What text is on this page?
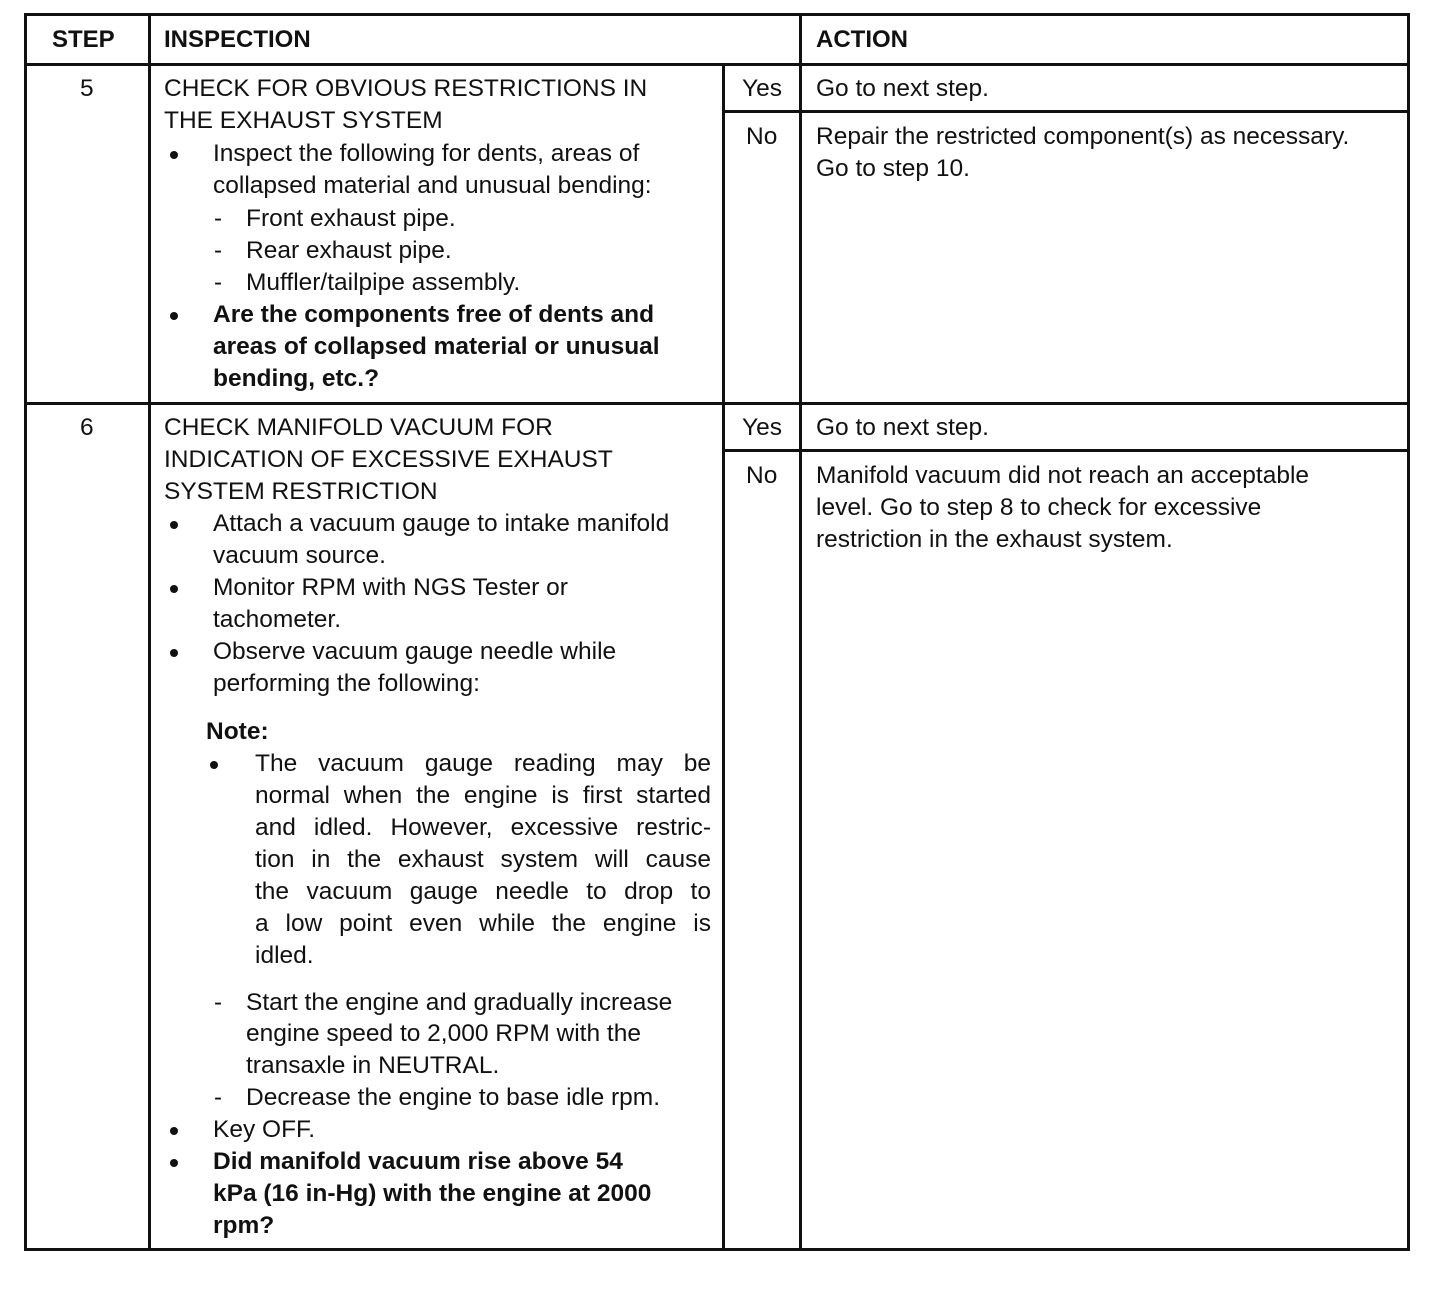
STEP INSPECTION	ACTION
5	CHECK FOR OBVIOUS RESTRICTIONS IN
THE EXHAUST SYSTEM
Inspect the following for dents, areas of
collapsed material and unusual bending:
- Front exhaust pipe.
- Rear exhaust pipe.
- Muffler/tailpipe assembly.
Are the components free of dents and
areas of collapsed material or unusual
bending, etc.?
Yes Go to next step.
No Repair the restricted component(s) as necessary.
Go to step 10.
6	CHECK MANIFOLD VACUUM FOR
INDICATION OF EXCESSIVE EXHAUST
SYSTEM RESTRICTION
Attach a vacuum gauge to intake manifold
vacuum source.
Monitor RPM with NGS Tester or
tachometer.
Observe vacuum gauge needle while
performing the following:
Note:
The vacuum gauge reading may be
normal when the engine is first started
and idled. However, excessive restric-
tion in the exhaust system will cause
the vacuum gauge needle to drop to
a low point even while the engine is
idled.
- Start the engine and gradually increase
engine speed to 2,000 RPM with the
transaxle in NEUTRAL.
- Decrease the engine to base idle rpm.
Key OFF.
Did manifold vacuum rise above 54
kPa (16 in-Hg) with the engine at 2000
rpm?
Yes Go to next step.
No Manifold vacuum did not reach an acceptable
level. Go to step 8 to check for excessive
restriction in the exhaust system.
